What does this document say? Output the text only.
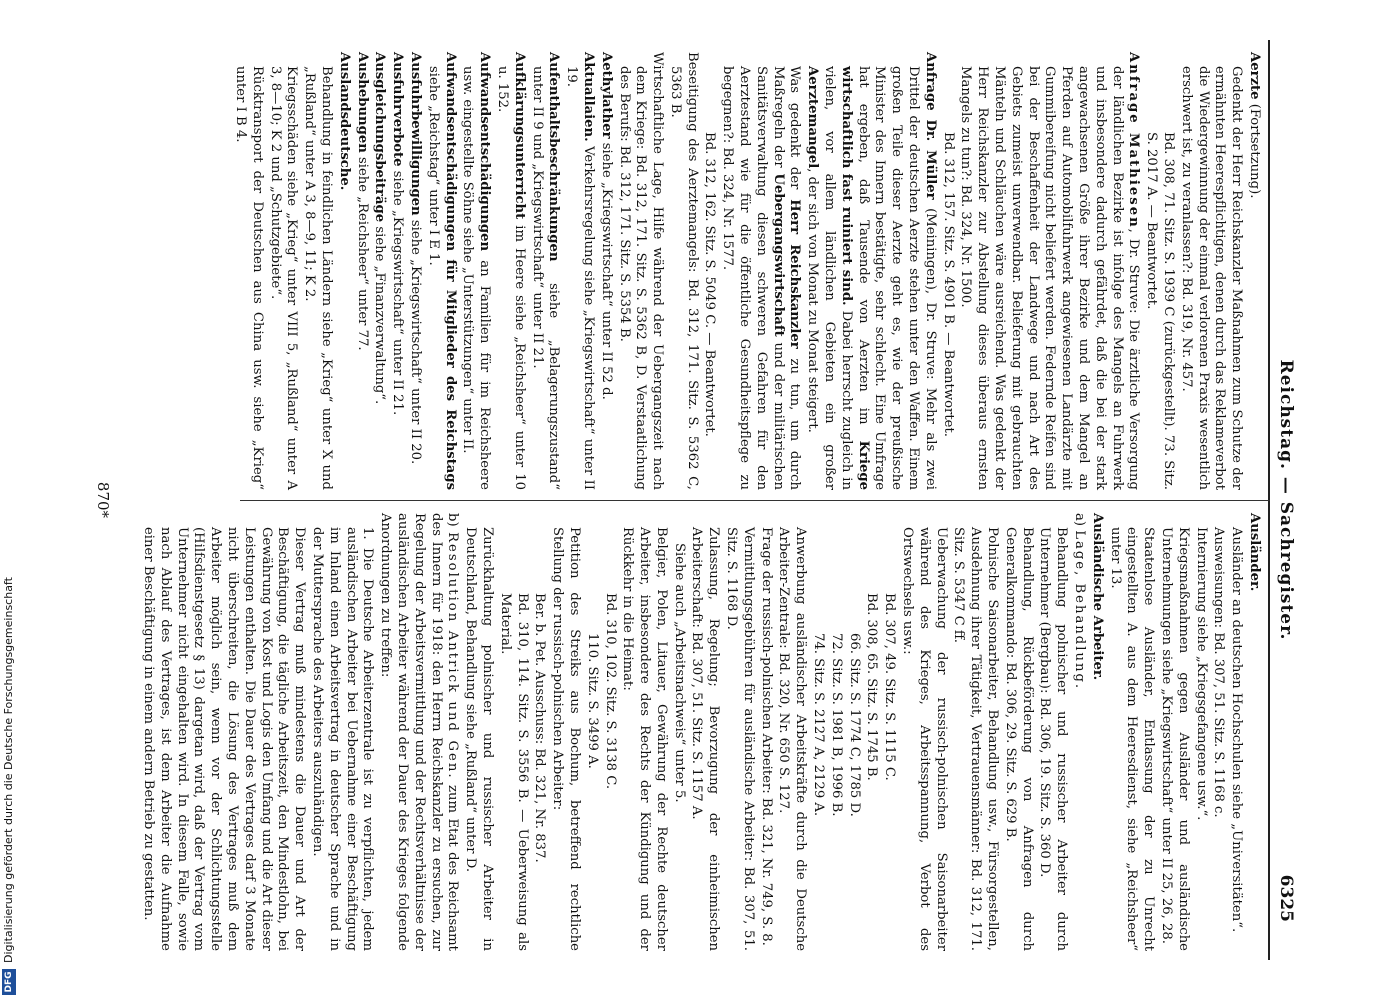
Reichstag. — Sachregister.
6325
Aerzte (Fortsetzung).
Gedenkt der Herr Reichskanzler Maßnahmen zum Schutze der ermähnten Heerespflichtigen, denen durch das Reklameverbot die Wiedergewinnung der einmal verlorenen Praxis wesentlich erschwert ist, zu veranlassen?: Bd. 319, Nr. 457.
Bd. 308, 71. Sitz. S. 1939 C (zurückgestellt). 73. Sitz. S. 2017 A. — Beantwortet.
Anfrage Mathiesen, Dr. Struve: Die ärztliche Versorgung der ländlichen Bezirke ist infolge des Mangels an Fuhrwerk und insbesondere dadurch gefährdet, daß die bei der stark angewachsenen Größe ihrer Bezirke und dem Mangel an Pferden auf Automobilfuhrwerk angewiesenen Landärzte mit Gummibereifung nicht beliefert werden. Federnde Reifen sind bei der Beschaffenheit der Landwege und nach Art des Gebiets zumeist unverwendbar. Belieferung mit gebrauchten Mänteln und Schläuchen wäre ausreichend. Was gedenkt der Herr Reichskanzler zur Abstellung dieses überaus ernsten Mangels zu tun?: Bd. 324, Nr. 1500.
Bd. 312, 157. Sitz. S. 4901 B. — Beantwortet.
Anfrage Dr. Müller (Meiningen), Dr. Struve: Mehr als zwei Drittel der deutschen Aerzte stehen unter den Waffen. Einem großen Teile dieser Aerzte geht es, wie der preußische Minister des Innern bestätigte, sehr schlecht. Eine Umfrage hat ergeben, daß Tausende von Aerzten im Kriege wirtschaftlich fast ruiniert sind. Dabei herrscht zugleich in vielen, vor allem ländlichen Gebieten ein großer Aerztemangel, der sich von Monat zu Monat steigert.
Was gedenkt der Herr Reichskanzler zu tun, um durch Maßregeln der Uebergangswirtschaft und der militärischen Sanitätsverwaltung diesen schweren Gefahren für den Aerztestand wie für die öffentliche Gesundheitspflege zu begegnen?: Bd. 324, Nr. 1577.
Bd. 312, 162. Sitz. S. 5049 C. — Beantwortet.
Beseitigung des Aerztemangels: Bd. 312, 171. Sitz. S. 5362 C, 5363 B.
Wirtschaftliche Lage, Hilfe während der Uebergangszeit nach dem Kriege: Bd. 312, 171. Sitz. S. 5362 B, D. Verstaatlichung des Berufs: Bd. 312, 171. Sitz. S. 5354 B.
Aethylather siehe „Kriegswirtschaft“ unter II 52 d.
Aktuallaien. Verkehrsregelung siehe „Kriegswirtschaft“ unter II 19.
Aufenthaltsbeschränkungen siehe „Belagerungszustand“ unter II 9 und „Kriegswirtschaft“ unter II 21.
Aufklärungsunterricht im Heere siehe „Reichsheer“ unter 10 u. 152.
Aufwandsentschädigungen an Familien für im Reichsheere usw. eingestellte Söhne siehe „Unterstützungen“ unter II.
Aufwandsentschädigungen für Mitglieder des Reichstags siehe „Reichstag“ unter I E 1.
Ausfuhrbewilligungen siehe „Kriegswirtschaft“ unter II 20.
Ausfuhrverbote siehe „Kriegswirtschaft“ unter II 21.
Ausgleichungsbeiträge siehe „Finanzverwaltung“.
Aushebungen siehe „Reichsheer“ unter 77.
Auslandsdeutsche.
Behandlung in feindlichen Ländern siehe „Krieg“ unter X und „Rußland“ unter A 3, 8—9, 11; K 2.
Kriegsschäden siehe „Krieg“ unter VIII 5, „Rußland“ unter A 3, 8—10; K 2 und „Schutzgebiete“.
Rücktransport der Deutschen aus China usw. siehe „Krieg“ unter I B 4.
Ausländer.
Ausländer an deutschen Hochschulen siehe „Universitäten“.
Ausweisungen: Bd. 307, 51. Sitz. S. 1168 c.
Internierung siehe „Kriegsgefangene usw.“.
Kriegsmaßnahmen gegen Ausländer und ausländische Unternehmungen siehe „Kriegswirtschaft“ unter II 25, 26, 28.
Staatenlose Ausländer, Entlassung der zu Unrecht eingestellten A. aus dem Heeresdienst, siehe „Reichsheer“ unter 13.
Ausländische Arbeiter.
a) Lage, Behandlung.
Behandlung polnischer und russischer Arbeiter durch Unternehmer (Bergbau): Bd. 306, 19. Sitz. S. 360 D.
Behandlung, Rückbeförderung von Anfragen durch Generalkommando: Bd. 306, 29. Sitz. S. 629 B.
Polnische Saisonarbeiter, Behandlung usw., Fürsorgestellen, Ausdehnung ihrer Tätigkeit, Vertrauensmänner: Bd. 312, 171. Sitz. S. 5347 C ff.
Ueberwachung der russisch-polnischen Saisonarbeiter während des Krieges, Arbeitsspannung, Verbot des Ortswechsels usw.:
Bd. 307, 49. Sitz. S. 1115 C.
Bd. 308, 65. Sitz. S. 1745 B.
66. Sitz. S. 1774 C, 1785 D.
72. Sitz. S. 1981 B, 1996 B.
74. Sitz. S. 2127 A, 2129 A.
Anwerbung ausländischer Arbeitskräfte durch die Deutsche Arbeiter-Zentrale: Bd. 320, Nr. 650 S. 127.
Frage der russisch-polnischen Arbeiter: Bd. 321, Nr. 749, S. 8.
Vermittlungsgebühren für ausländische Arbeiter: Bd. 307, 51. Sitz. S. 1168 D.
Zulassung, Regelung; Bevorzugung der einheimischen Arbeiterschaft: Bd. 307, 51. Sitz. S. 1157 A.
Siehe auch „Arbeitsnachweis“ unter 5.
Belgier, Polen, Litauer, Gewährung der Rechte deutscher Arbeiter, insbesondere des Rechts der Kündigung und der Rückkehr in die Heimat:
Bd. 310, 102. Sitz. S. 3138 C.
110. Sitz. S. 3499 A.
Petition des Streiks aus Bochum, betreffend rechtliche Stellung der russisch-polnischen Arbeiter:
Ber. b. Pet. Ausschuss: Bd. 321, Nr. 837.
Bd. 310, 114. Sitz. S. 3556 B. — Ueberweisung als Material.
Zurückhaltung polnischer und russischer Arbeiter in Deutschland, Behandlung siehe „Rußland“ unter D.
b) Resolution Antrick und Gen. zum Etat des Reichsamt des Innern für 1918: den Herrn Reichskanzler zu ersuchen, zur Regelung der Arbeitsvermittlung und der Rechtsverhältnisse der ausländischen Arbeiter während der Dauer des Krieges folgende Anordnungen zu treffen:
1. Die Deutsche Arbeiterzentrale ist zu verpflichten, jedem ausländischen Arbeiter bei Uebernahme einer Beschäftigung im Inland einen Arbeitsvertrag in deutscher Sprache und in der Muttersprache des Arbeiters auszuhändigen.
Dieser Vertrag muß mindestens die Dauer und Art der Beschäftigung, die tägliche Arbeitszeit, den Mindestlohn, bei Gewährung von Kost und Logis den Umfang und die Art dieser Leistungen enthalten. Die Dauer des Vertrages darf 3 Monate nicht überschreiten, die Lösung des Vertrages muß dem Arbeiter möglich sein, wenn vor der Schlichtungsstelle (Hilfsdienstgesetz § 13) dargetan wird, daß der Vertrag vom Unternehmer nicht eingehalten wird. In diesem Falle, sowie nach Ablauf des Vertrages, ist dem Arbeiter die Aufnahme einer Beschäftigung in einem andern Betrieb zu gestatten.
870*
DFG
Digitalisierung gefördert durch die Deutsche Forschungsgemeinschaft
